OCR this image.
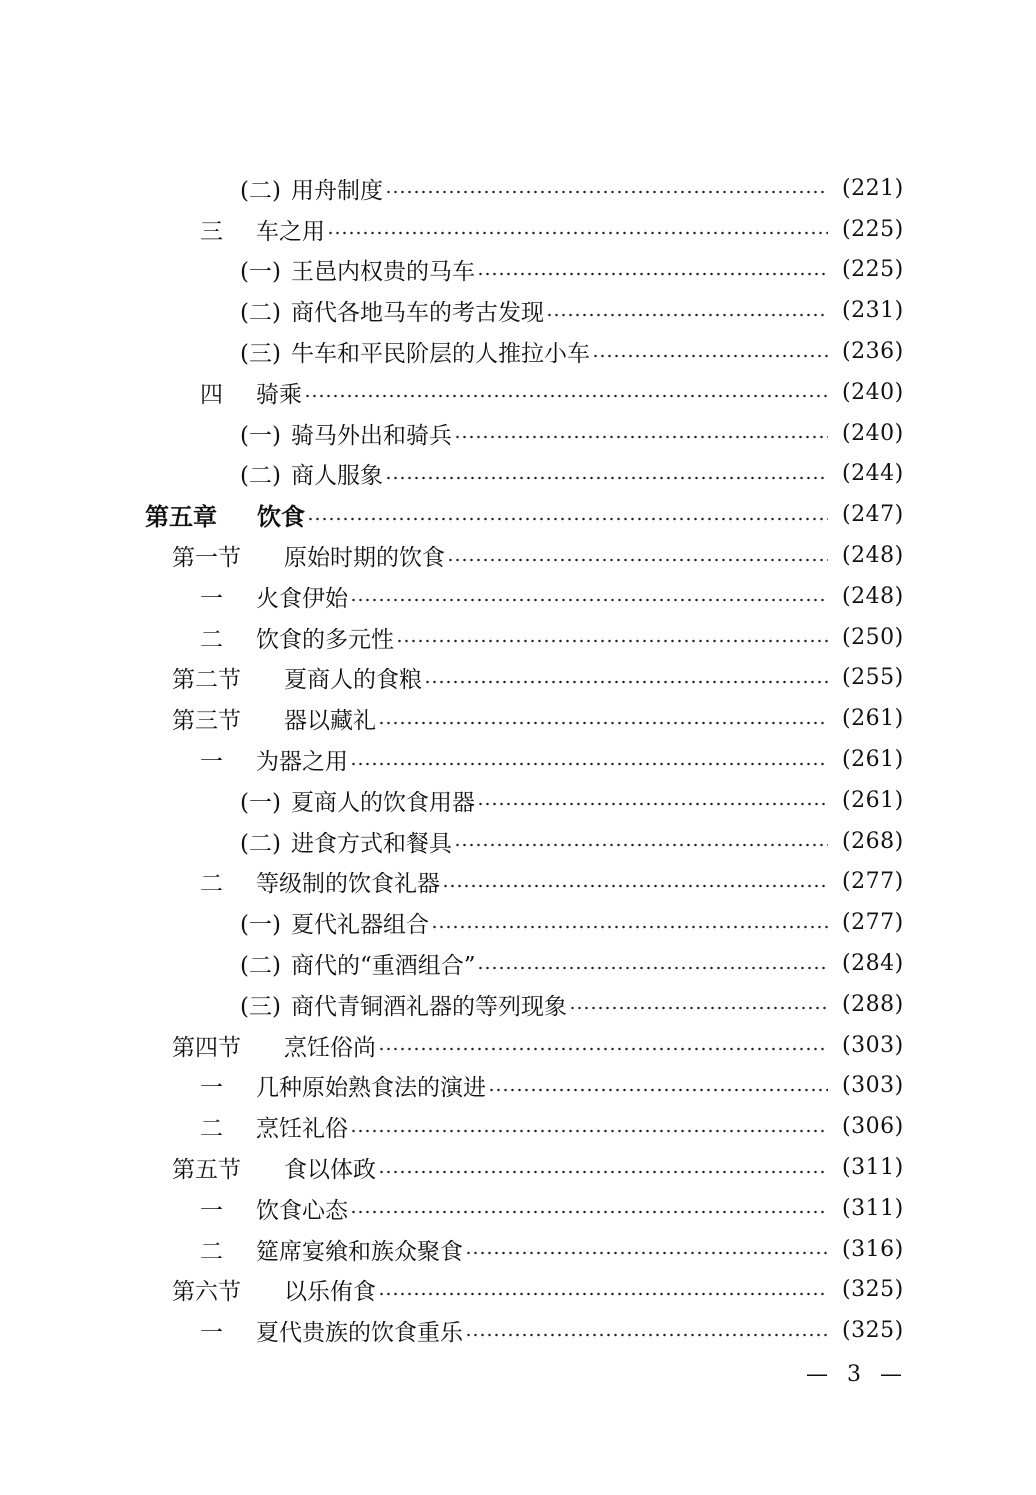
(二) 用舟制度	(221)
三	车之用	(225)
(一) 王邑内权贵的马车	(225)
(二) 商代各地马车的考古发现	(231)
(三) 牛车和平民阶层的人推拉小车	(236)
四	骑乘	(240)
(一) 骑马外出和骑兵	(240)
(二) 商人服象	(244)
第五章	饮食	(247)
第一节	原始时期的饮食	(248)
一	火食伊始	(248)
二	饮食的多元性	(250)
第二节	夏商人的食粮	(255)
第三节	器以藏礼	(261)
一	为器之用	(261)
(一) 夏商人的饮食用器	(261)
(二) 进食方式和餐具	(268)
二	等级制的饮食礼器	(277)
(一) 夏代礼器组合	(277)
(二) 商代的“重酒组合”	(284)
(三) 商代青铜酒礼器的等列现象	(288)
第四节	烹饪俗尚	(303)
一	几种原始熟食法的演进	(303)
二	烹饪礼俗	(306)
第五节	食以体政	(311)
一	饮食心态	(311)
二	筵席宴飨和族众聚食	(316)
第六节	以乐侑食	(325)
一	夏代贵族的饮食重乐	(325)
— 3 —
